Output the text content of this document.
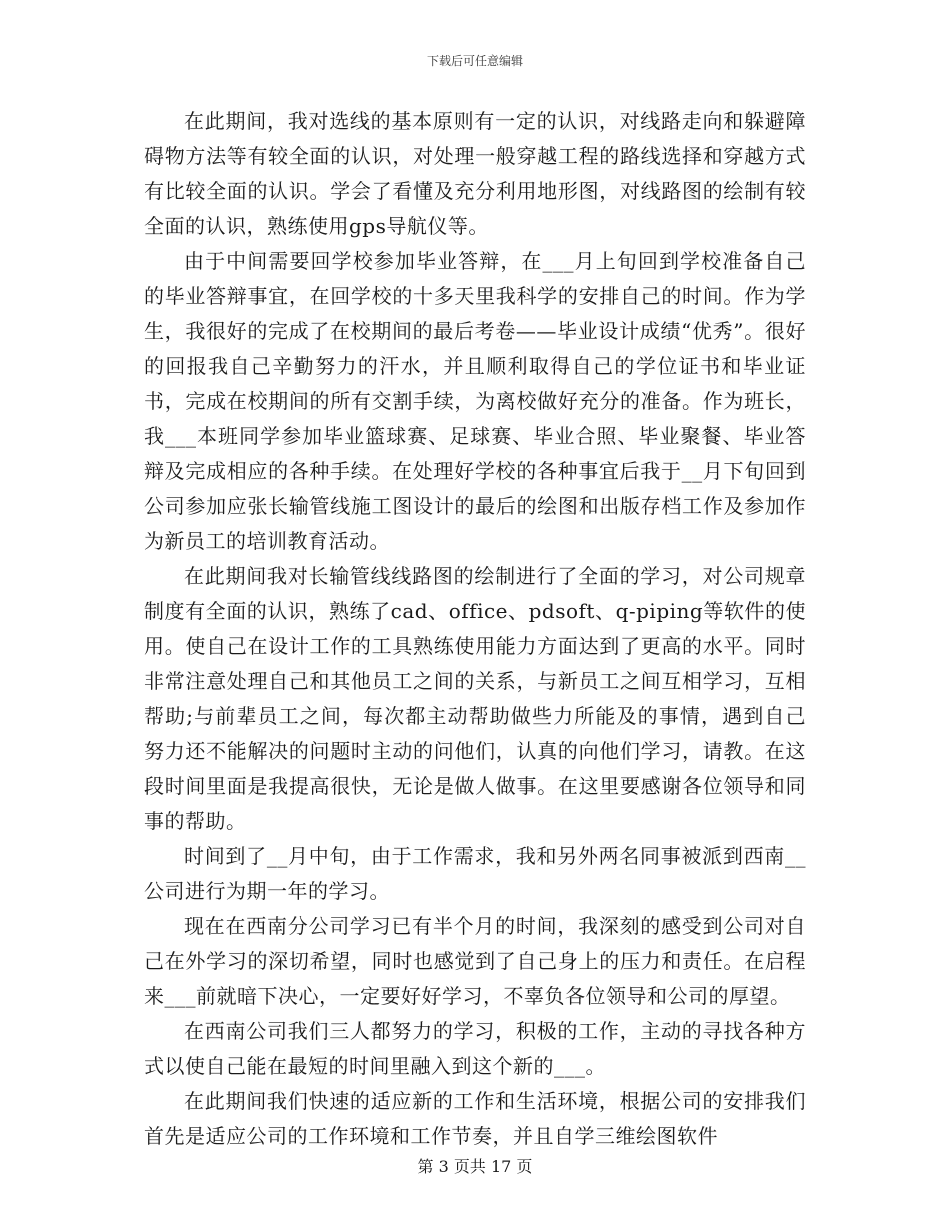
下载后可任意编辑

在此期间，我对选线的基本原则有一定的认识，对线路走向和躲避障碍物方法等有较全面的认识，对处理一般穿越工程的路线选择和穿越方式有比较全面的认识。学会了看懂及充分利用地形图，对线路图的绘制有较全面的认识，熟练使用gps导航仪等。

由于中间需要回学校参加毕业答辩，在___月上旬回到学校准备自己的毕业答辩事宜，在回学校的十多天里我科学的安排自己的时间。作为学生，我很好的完成了在校期间的最后考卷——毕业设计成绩“优秀”。很好的回报我自己辛勤努力的汗水，并且顺利取得自己的学位证书和毕业证书，完成在校期间的所有交割手续，为离校做好充分的准备。作为班长，我___本班同学参加毕业篮球赛、足球赛、毕业合照、毕业聚餐、毕业答辩及完成相应的各种手续。在处理好学校的各种事宜后我于__月下旬回到公司参加应张长输管线施工图设计的最后的绘图和出版存档工作及参加作为新员工的培训教育活动。

在此期间我对长输管线线路图的绘制进行了全面的学习，对公司规章制度有全面的认识，熟练了cad、office、pdsoft、q-piping等软件的使用。使自己在设计工作的工具熟练使用能力方面达到了更高的水平。同时非常注意处理自己和其他员工之间的关系，与新员工之间互相学习，互相帮助;与前辈员工之间，每次都主动帮助做些力所能及的事情，遇到自己努力还不能解决的问题时主动的问他们，认真的向他们学习，请教。在这段时间里面是我提高很快，无论是做人做事。在这里要感谢各位领导和同事的帮助。

时间到了__月中旬，由于工作需求，我和另外两名同事被派到西南__公司进行为期一年的学习。

现在在西南分公司学习已有半个月的时间，我深刻的感受到公司对自己在外学习的深切希望，同时也感觉到了自己身上的压力和责任。在启程来___前就暗下决心，一定要好好学习，不辜负各位领导和公司的厚望。

在西南公司我们三人都努力的学习，积极的工作，主动的寻找各种方式以使自己能在最短的时间里融入到这个新的___。

在此期间我们快速的适应新的工作和生活环境，根据公司的安排我们首先是适应公司的工作环境和工作节奏，并且自学三维绘图软件

第 3 页共 17 页
